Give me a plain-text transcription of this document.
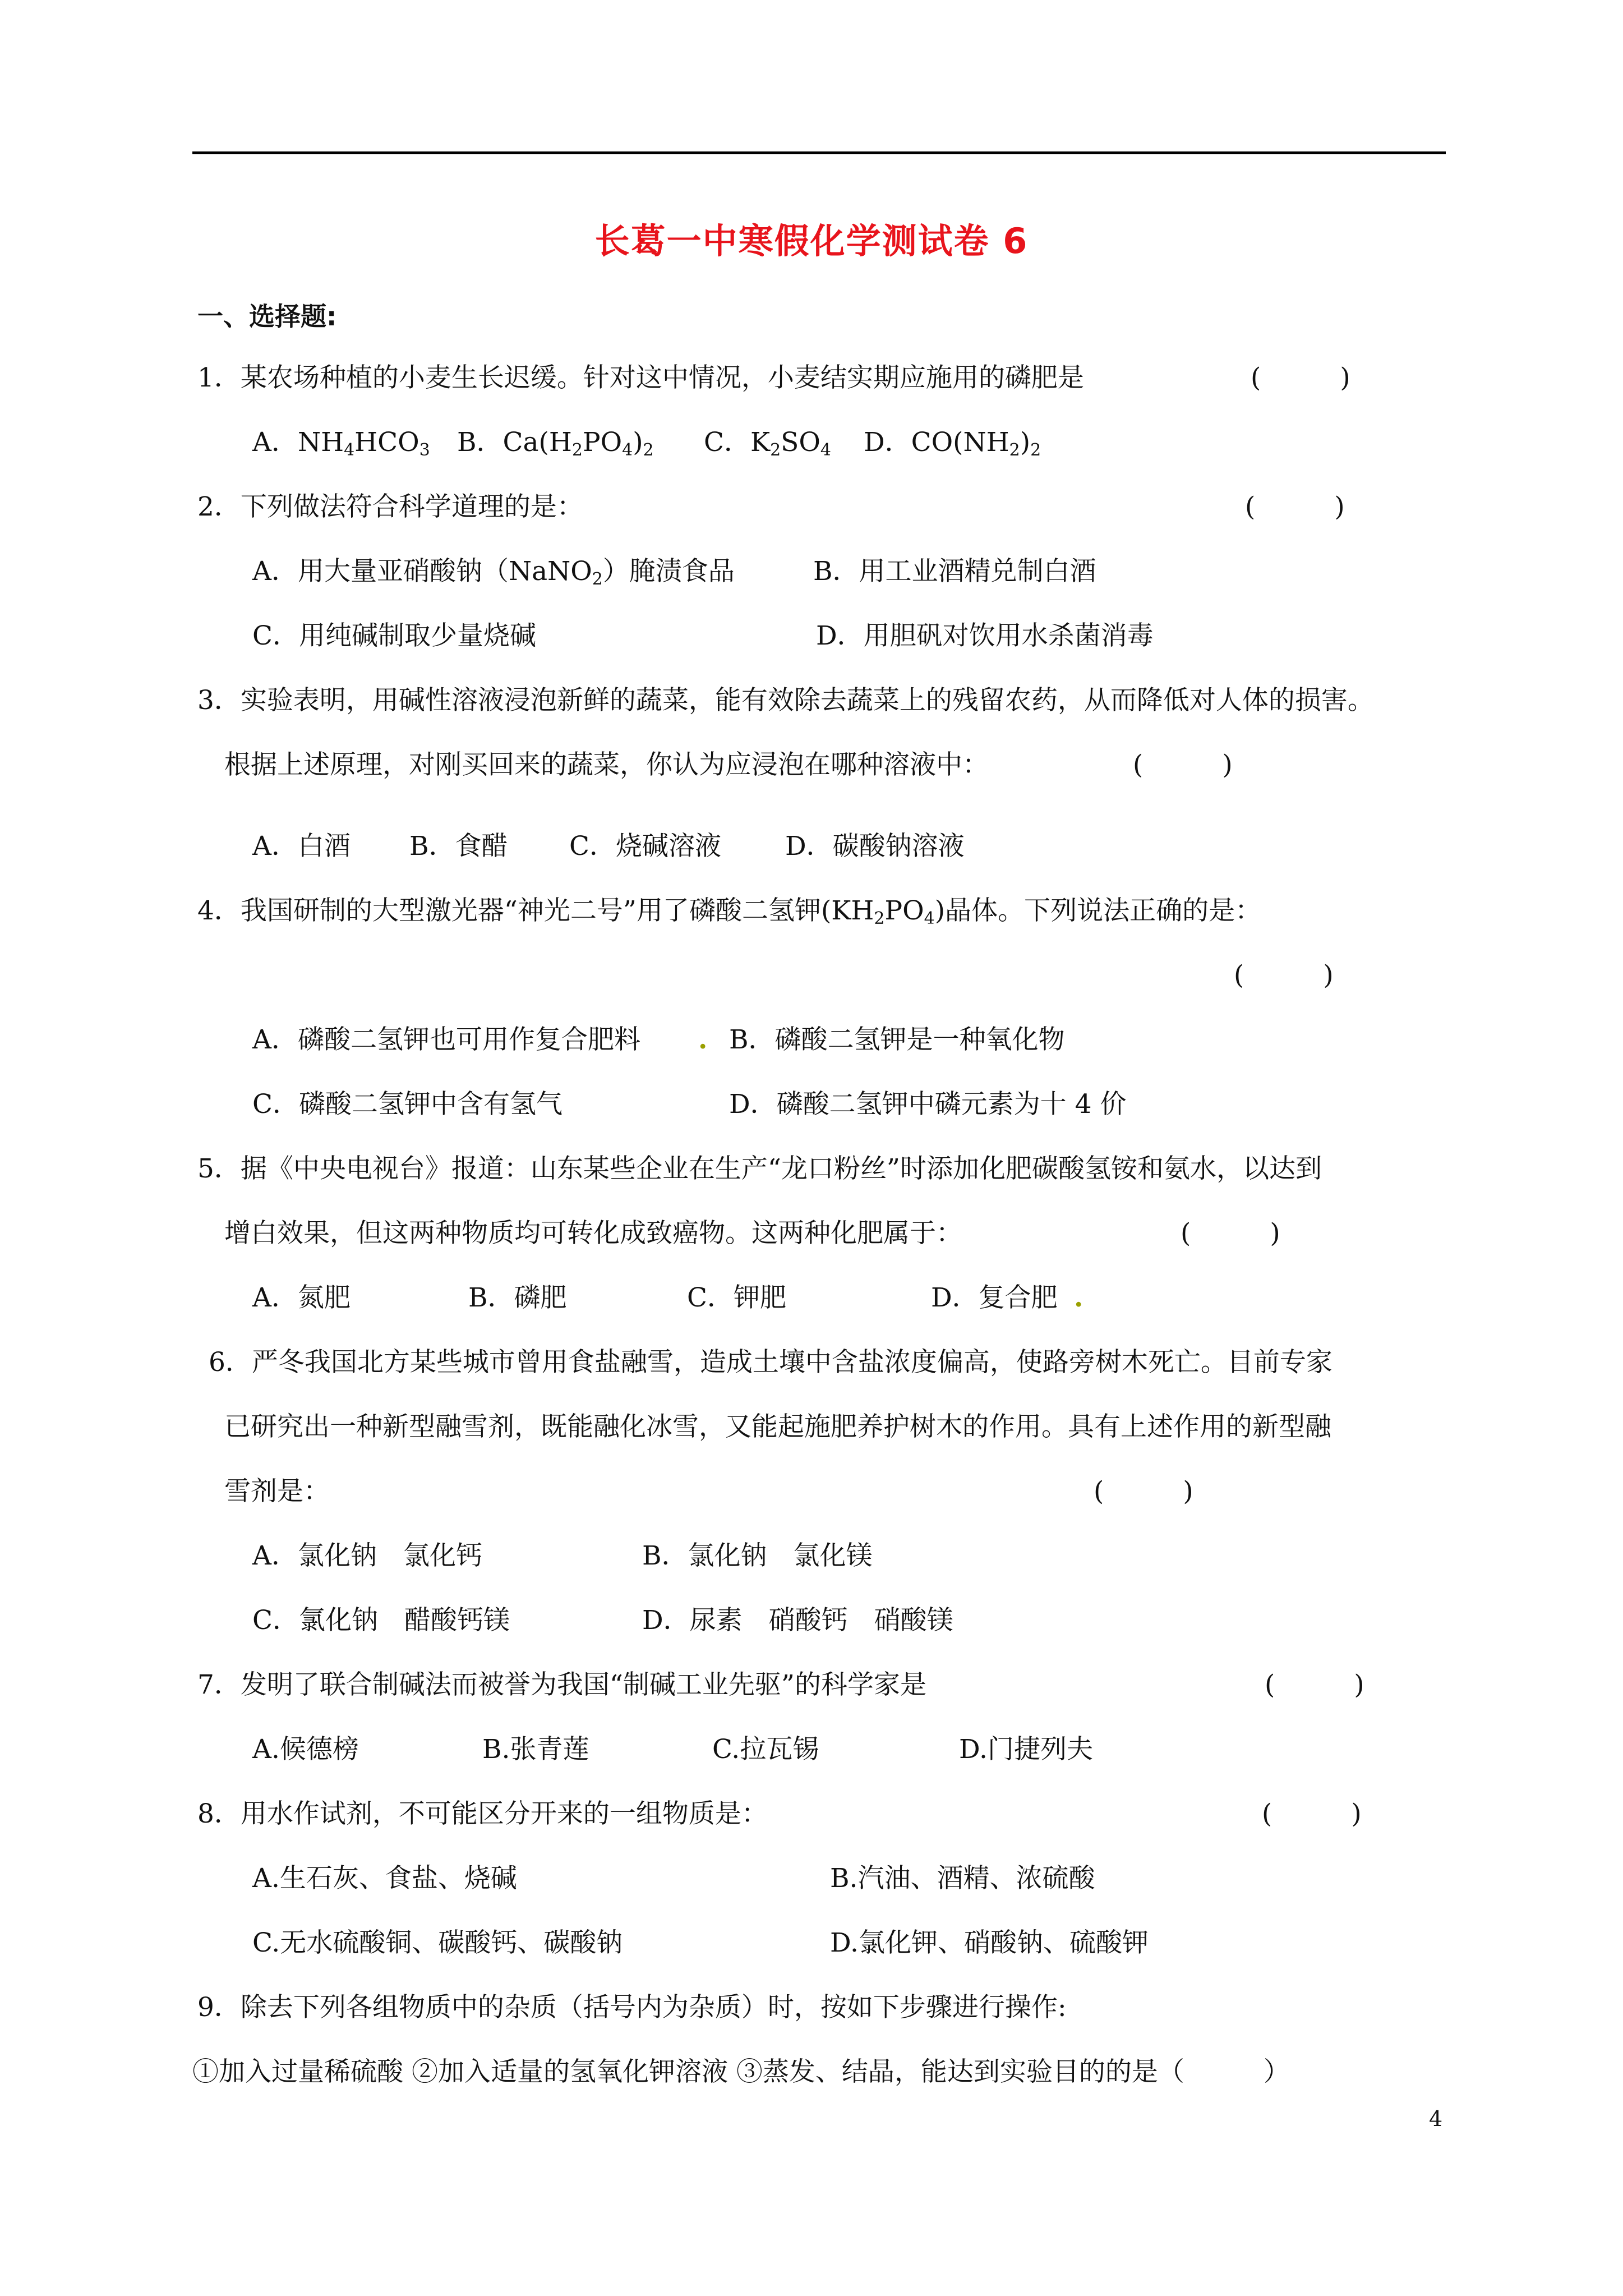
长葛一中寒假化学测试卷 6
一、选择题:
1．某农场种植的小麦生长迟缓。针对这中情况，小麦结实期应施用的磷肥是	(　　　)
A．$NH_4HCO_3$ B．$Ca(H_2PO_4)_2$ C．$K_2SO_4$ D．$CO(NH_2)_2$
2．下列做法符合科学道理的是：	(　　　)
A．用大量亚硝酸钠（NaNO$_2$）腌渍食品	B．用工业酒精兑制白酒
C．用纯碱制取少量烧碱	D．用胆矾对饮用水杀菌消毒
3．实验表明，用碱性溶液浸泡新鲜的蔬菜，能有效除去蔬菜上的残留农药，从而降低对人体的损害。
根据上述原理，对刚买回来的蔬菜，你认为应浸泡在哪种溶液中：	(　　　)
A．白酒 B．食醋 C．烧碱溶液 D．碳酸钠溶液
4．我国研制的大型激光器“神光二号”用了磷酸二氢钾$(KH_2PO_4)$晶体。下列说法正确的是：
(　　　)
A．磷酸二氢钾也可用作复合肥料 . B．磷酸二氢钾是一种氧化物
C．磷酸二氢钾中含有氢气	D．磷酸二氢钾中磷元素为十 4 价
5．据《中央电视台》报道：山东某些企业在生产“龙口粉丝”时添加化肥碳酸氢铵和氨水，以达到
增白效果，但这两种物质均可转化成致癌物。这两种化肥属于：	(　　　)
A．氮肥	B．磷肥	C．钾肥	D．复合肥 .
6．严冬我国北方某些城市曾用食盐融雪，造成土壤中含盐浓度偏高，使路旁树木死亡。目前专家
已研究出一种新型融雪剂，既能融化冰雪，又能起施肥养护树木的作用。具有上述作用的新型融
雪剂是：	(　　　)
A．氯化钠　氯化钙	B．氯化钠　氯化镁
C．氯化钠　醋酸钙镁	D．尿素　硝酸钙　硝酸镁
7．发明了联合制碱法而被誉为我国“制碱工业先驱”的科学家是	(　　　)
A.候德榜	B.张青莲	C.拉瓦锡	D.门捷列夫
8．用水作试剂，不可能区分开来的一组物质是：	(　　　)
A.生石灰、食盐、烧碱	B.汽油、酒精、浓硫酸
C.无水硫酸铜、碳酸钙、碳酸钠	D.氯化钾、硝酸钠、硫酸钾
9．除去下列各组物质中的杂质（括号内为杂质）时，按如下步骤进行操作:
①加入过量稀硫酸 ②加入适量的氢氧化钾溶液 ③蒸发、结晶，能达到实验目的的是（　　　）
4
